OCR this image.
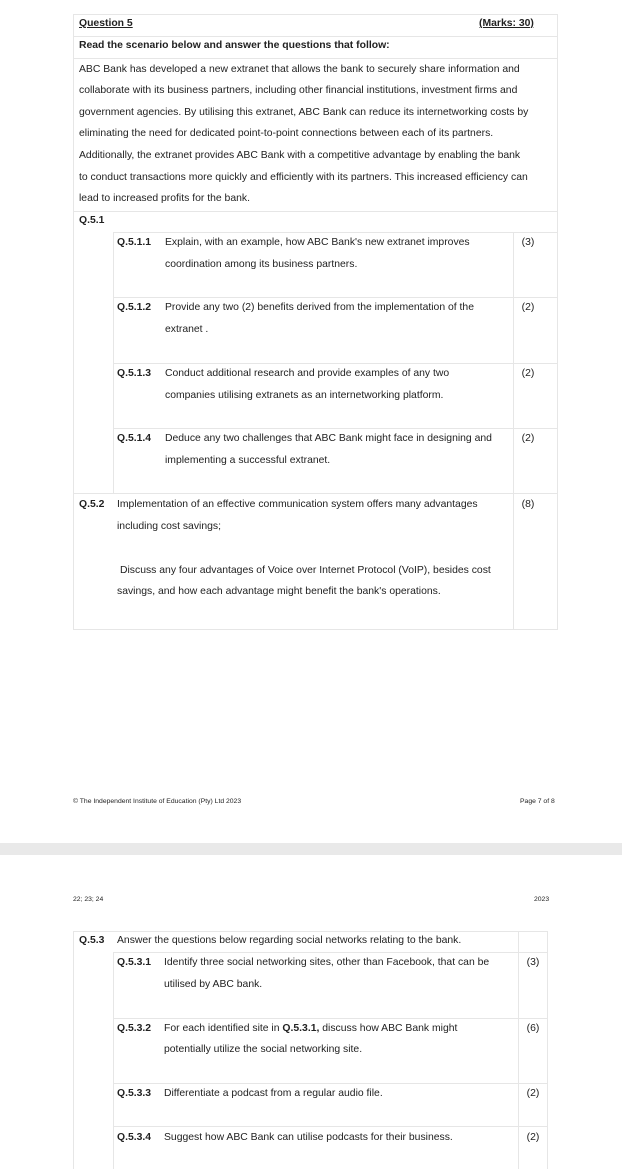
Question 5	(Marks: 30)
Read the scenario below and answer the questions that follow:
ABC Bank has developed a new extranet that allows the bank to securely share information and
collaborate with its business partners, including other financial institutions, investment firms and
government agencies. By utilising this extranet, ABC Bank can reduce its internetworking costs by
eliminating the need for dedicated point-to-point connections between each of its partners.
Additionally, the extranet provides ABC Bank with a competitive advantage by enabling the bank
to conduct transactions more quickly and efficiently with its partners. This increased efficiency can
lead to increased profits for the bank.
Q.5.1
Q.5.1.1 Explain, with an example, how ABC Bank's new extranet improves
coordination among its business partners.
(3)
Q.5.1.2 Provide any two (2) benefits derived from the implementation of the
extranet .
(2)
Q.5.1.3 Conduct additional research and provide examples of any two
companies utilising extranets as an internetworking platform.
(2)
Q.5.1.4 Deduce any two challenges that ABC Bank might face in designing and
implementing a successful extranet.
(2)
Q.5.2 Implementation of an effective communication system offers many advantages
including cost savings;
Discuss any four advantages of Voice over Internet Protocol (VoIP), besides cost
savings, and how each advantage might benefit the bank's operations.
(8)
© The Independent Institute of Education (Pty) Ltd 2023	Page 7 of 8
22; 23; 24	2023
Q.5.3 Answer the questions below regarding social networks relating to the bank.
Q.5.3.1 Identify three social networking sites, other than Facebook, that can be
utilised by ABC bank.
(3)
Q.5.3.2 For each identified site in Q.5.3.1, discuss how ABC Bank might
potentially utilize the social networking site.
(6)
Q.5.3.3 Differentiate a podcast from a regular audio file.	(2)
Q.5.3.4 Suggest how ABC Bank can utilise podcasts for their business.	(2)
